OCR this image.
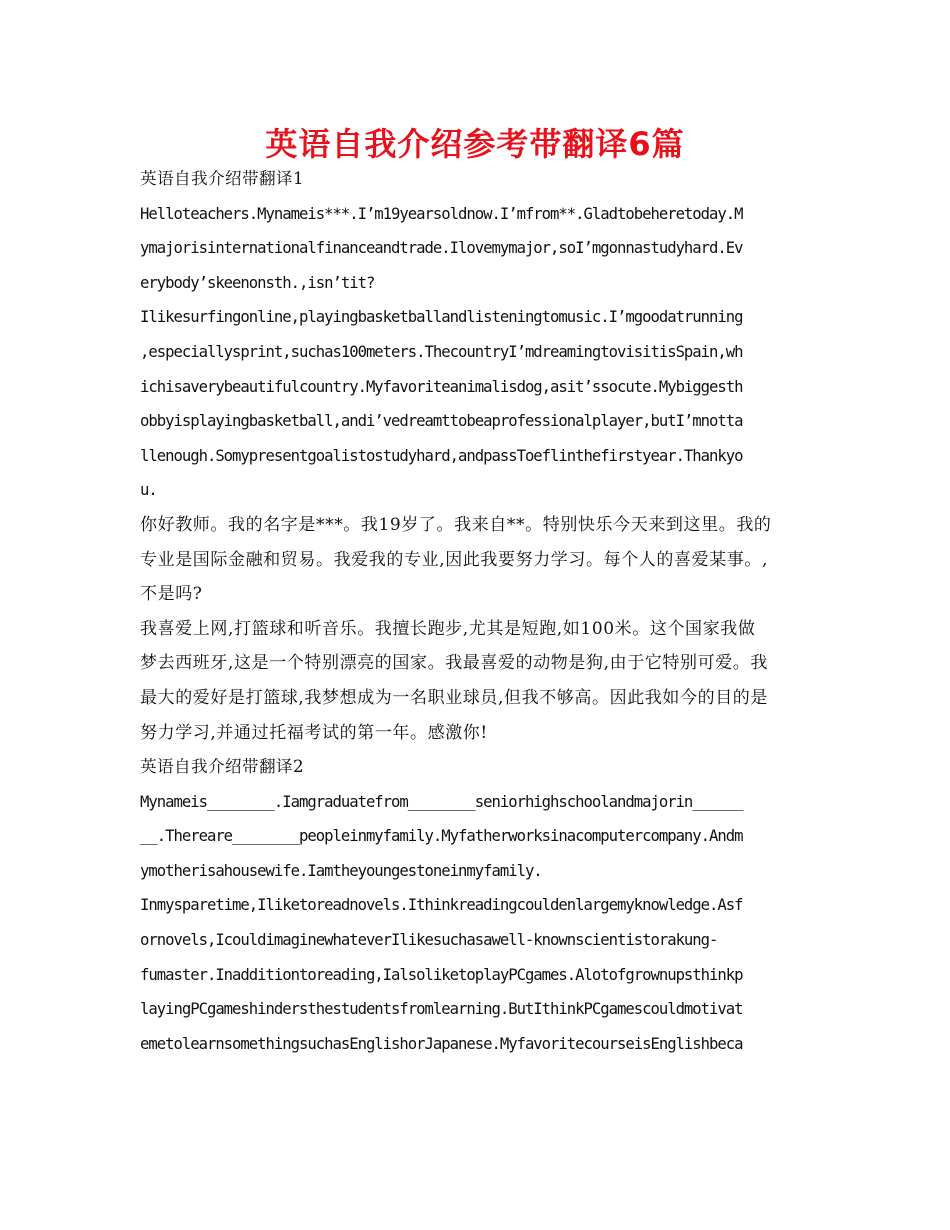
英语自我介绍参考带翻译6篇
英语自我介绍带翻译1
Helloteachers.Mynameis***.I’m19yearsoldnow.I’mfrom**.Gladtobeheretoday.M
ymajorisinternationalfinanceandtrade.Ilovemymajor,soI’mgonnastudyhard.Ev
erybody’skeenonsth.,isn’tit?
Ilikesurfingonline,playingbasketballandlisteningtomusic.I’mgoodatrunning
,especiallysprint,suchas100meters.ThecountryI’mdreamingtovisitisSpain,wh
ichisaverybeautifulcountry.Myfavoriteanimalisdog,asit’ssocute.Mybiggesth
obbyisplayingbasketball,andi’vedreamttobeaprofessionalplayer,butI’mnotta
llenough.Somypresentgoalistostudyhard,andpassToeflinthefirstyear.Thankyo
u.
你好教师。我的名字是***。我19岁了。我来自**。特别快乐今天来到这里。我的
专业是国际金融和贸易。我爱我的专业,因此我要努力学习。每个人的喜爱某事。,
不是吗?
我喜爱上网,打篮球和听音乐。我擅长跑步,尤其是短跑,如100米。这个国家我做
梦去西班牙,这是一个特别漂亮的国家。我最喜爱的动物是狗,由于它特别可爱。我
最大的爱好是打篮球,我梦想成为一名职业球员,但我不够高。因此我如今的目的是
努力学习,并通过托福考试的第一年。感激你!
英语自我介绍带翻译2
Mynameis________.Iamgraduatefrom________seniorhighschoolandmajorin______
__.Thereare________peopleinmyfamily.Myfatherworksinacomputercompany.Andm
ymotherisahousewife.Iamtheyoungestoneinmyfamily.
Inmysparetime,Iliketoreadnovels.Ithinkreadingcouldenlargemyknowledge.Asf
ornovels,IcouldimaginewhateverIlikesuchasawell-knownscientistorakung-
fumaster.Inadditiontoreading,IalsoliketoplayPCgames.Alotofgrownupsthinkp
layingPCgameshindersthestudentsfromlearning.ButIthinkPCgamescouldmotivat
emetolearnsomethingsuchasEnglishorJapanese.MyfavoritecourseisEnglishbeca
